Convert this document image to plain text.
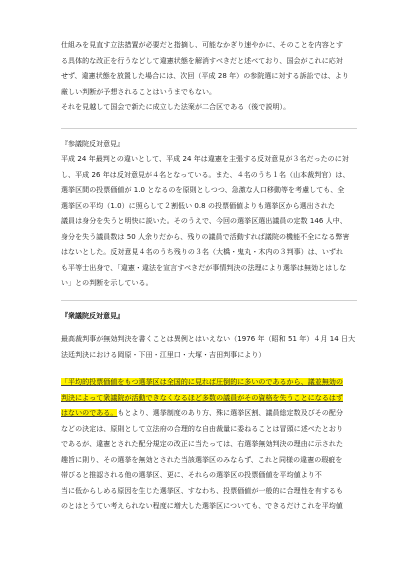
仕組みを見直す立法措置が必要だと指摘し、可能なかぎり速やかに、そのことを内容とす
る具体的な改正を行うなどして違憲状態を解消すべきだと述べており、国会がこれに応対
せず、違憲状態を放置した場合には、次回（平成 28 年）の参院選に対する訴訟では、より
厳しい判断が予想されることはいうまでもない。
それを見越して国会で新たに成立した法案が二合区である（後で説明）。

『参議院反対意見』

平成 24 年最判との違いとして、平成 24 年は違憲を主張する反対意見が３名だったのに対
し、平成 26 年は反対意見が４名となっている。また、４名のうち１名（山本裁判官）は、
選挙区間の投票価値が 1.0 となるのを原則としつつ、急激な人口移動等を考慮しても、全
選挙区の平均（1.0）に照らして２割低い 0.8 の投票価値よりも選挙区から選出された
議員は身分を失うと明快に説いた。そのうえで、今回の選挙区選出議員の定数 146 人中、
身分を失う議員数は 50 人余りだから、残りの議員で活動すれば議院の機能不全になる弊害
はないとした。反対意見４名のうち残りの３名（大橋・鬼丸・木内の３判事）は、いずれ
も平等士出身で、「違憲・違法を宣言すべきだが事情判決の法理により選挙は無効とはしな
い」との判断を示している。

『衆議院反対意見』

最高裁判事が無効判決を書くことは異例とはいえない（1976 年（昭和 51 年）４月 14 日大
法廷判決における岡原・下田・江里口・大塚・吉田判事により）

「平均的投票価値をもつ選挙区は全国的に見れば圧倒的に多いのであるから、議並無効の
判決によって衆議院が活動できなくなるほど多数の議員がその資格を失うことになるはず
はないのである。もとより、選挙制度のあり方、殊に選挙区割、議員総定数及びその配分
などの決定は、原則として立法府の合理的な自由裁量に委ねることは冒頭に述べたとおり
であるが、違憲とされた配分規定の改正に当たっては、右選挙無効判決の理由に示された
趣旨に則り、その選挙を無効とされた当該選挙区のみならず、これと同様の違憲の瑕疵を
帯びると推認される他の選挙区、更に、それらの選挙区の投票価値を平均値より不
当に低からしめる原因を生じた選挙区、すなわち、投票価値が一般的に合理性を有するも
のとはとうてい考えられない程度に増大した選挙区についても、できるだけこれを平均値
